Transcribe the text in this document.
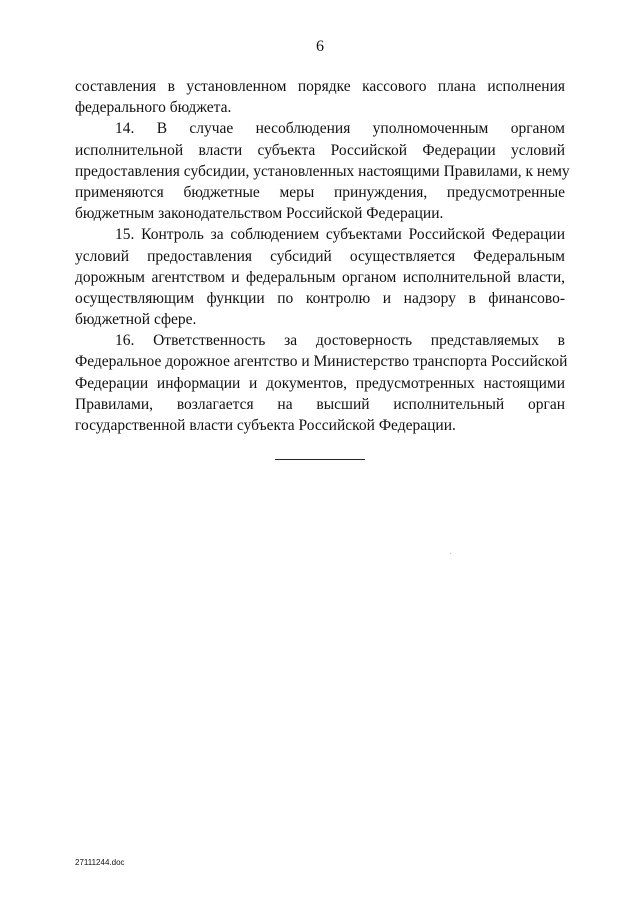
6
составления в установленном порядке кассового плана исполнения
федерального бюджета.
14. В случае несоблюдения уполномоченным органом
исполнительной власти субъекта Российской Федерации условий
предоставления субсидии, установленных настоящими Правилами, к нему
применяются бюджетные меры принуждения, предусмотренные
бюджетным законодательством Российской Федерации.
15. Контроль за соблюдением субъектами Российской Федерации
условий предоставления субсидий осуществляется Федеральным
дорожным агентством и федеральным органом исполнительной власти,
осуществляющим функции по контролю и надзору в финансово-
бюджетной сфере.
16. Ответственность за достоверность представляемых в
Федеральное дорожное агентство и Министерство транспорта Российской
Федерации информации и документов, предусмотренных настоящими
Правилами, возлагается на высший исполнительный орган
государственной власти субъекта Российской Федерации.
27111244.doc
